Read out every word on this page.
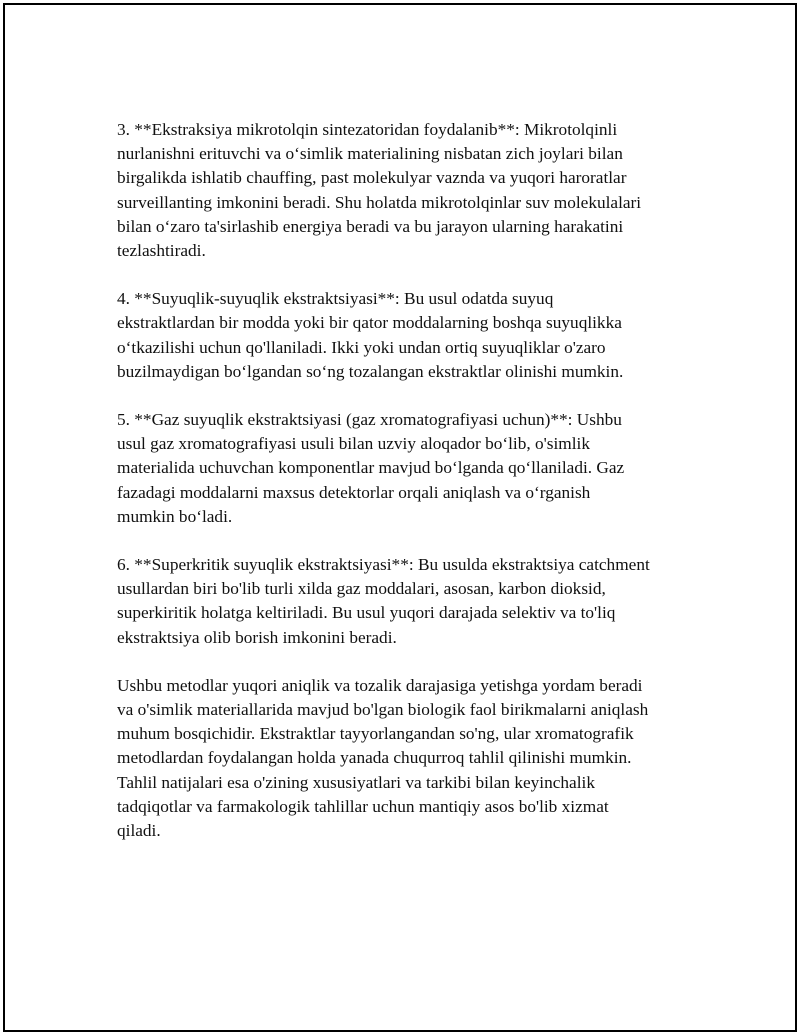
3. **Ekstraksiya mikrotolqin sintezatoridan foydalanib**: Mikrotolqinli
nurlanishni erituvchi va o‘simlik materialining nisbatan zich joylari bilan
birgalikda ishlatib chauffing, past molekulyar vaznda va yuqori haroratlar
surveillanting imkonini beradi. Shu holatda mikrotolqinlar suv molekulalari
bilan o‘zaro ta'sirlashib energiya beradi va bu jarayon ularning harakatini
tezlashtiradi.

4. **Suyuqlik-suyuqlik ekstraktsiyasi**: Bu usul odatda suyuq
ekstraktlardan bir modda yoki bir qator moddalarning boshqa suyuqlikka
o‘tkazilishi uchun qo'llaniladi. Ikki yoki undan ortiq suyuqliklar o'zaro
buzilmaydigan bo‘lgandan so‘ng tozalangan ekstraktlar olinishi mumkin.

5. **Gaz suyuqlik ekstraktsiyasi (gaz xromatografiyasi uchun)**: Ushbu
usul gaz xromatografiyasi usuli bilan uzviy aloqador bo‘lib, o'simlik
materialida uchuvchan komponentlar mavjud bo‘lganda qo‘llaniladi. Gaz
fazadagi moddalarni maxsus detektorlar orqali aniqlash va o‘rganish
mumkin bo‘ladi.

6. **Superkritik suyuqlik ekstraktsiyasi**: Bu usulda ekstraktsiya catchment
usullardan biri bo'lib turli xilda gaz moddalari, asosan, karbon dioksid,
superkiritik holatga keltiriladi. Bu usul yuqori darajada selektiv va to'liq
ekstraktsiya olib borish imkonini beradi.

Ushbu metodlar yuqori aniqlik va tozalik darajasiga yetishga yordam beradi
va o'simlik materiallarida mavjud bo'lgan biologik faol birikmalarni aniqlash
muhum bosqichidir. Ekstraktlar tayyorlangandan so'ng, ular xromatografik
metodlardan foydalangan holda yanada chuqurroq tahlil qilinishi mumkin.
Tahlil natijalari esa o'zining xususiyatlari va tarkibi bilan keyinchalik
tadqiqotlar va farmakologik tahlillar uchun mantiqiy asos bo'lib xizmat
qiladi.
